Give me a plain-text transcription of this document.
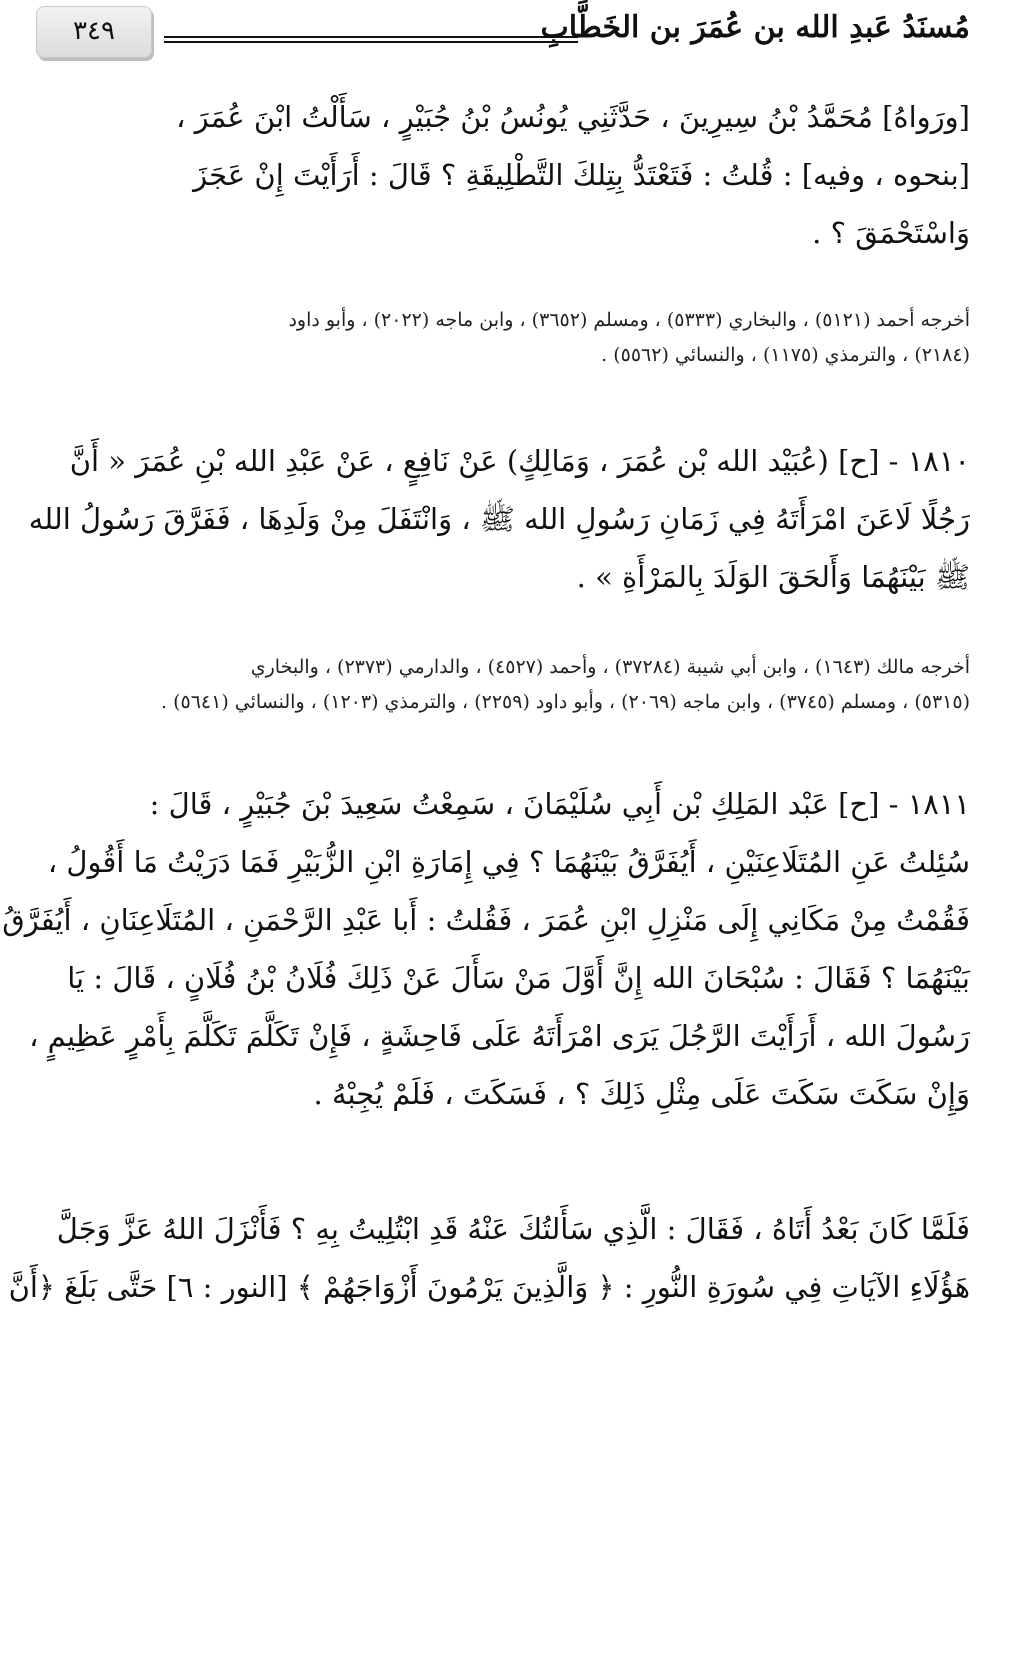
مُسنَدُ عَبدِ الله بن عُمَرَ بن الخَطَّابِ
٣٤٩
[ورَواهُ] مُحَمَّدُ بْنُ سِيرِينَ ، حَدَّثَنِي يُونُسُ بْنُ جُبَيْرٍ ، سَأَلْتُ ابْنَ عُمَرَ ،
[بنحوه ، وفيه] : قُلتُ : فَتَعْتَدُّ بِتِلكَ التَّطْلِيقَةِ ؟ قَالَ : أَرَأَيْتَ إِنْ عَجَزَ
وَاسْتَحْمَقَ ؟ .
أخرجه أحمد (٥١٢١) ، والبخاري (٥٣٣٣) ، ومسلم (٣٦٥٢) ، وابن ماجه (٢٠٢٢) ، وأبو داود
(٢١٨٤) ، والترمذي (١١٧٥) ، والنسائي (٥٥٦٢) .
١٨١٠ - [ح] (عُبَيْد الله بْن عُمَرَ ، وَمَالِكٍ) عَنْ نَافِعٍ ، عَنْ عَبْدِ الله بْنِ عُمَرَ « أَنَّ
رَجُلًا لَاعَنَ امْرَأَتَهُ فِي زَمَانِ رَسُولِ الله ﷺ ، وَانْتَفَلَ مِنْ وَلَدِهَا ، فَفَرَّقَ رَسُولُ الله
ﷺ بَيْنَهُمَا وَأَلحَقَ الوَلَدَ بِالمَرْأَةِ » .
أخرجه مالك (١٦٤٣) ، وابن أبي شيبة (٣٧٢٨٤) ، وأحمد (٤٥٢٧) ، والدارمي (٢٣٧٣) ، والبخاري
(٥٣١٥) ، ومسلم (٣٧٤٥) ، وابن ماجه (٢٠٦٩) ، وأبو داود (٢٢٥٩) ، والترمذي (١٢٠٣) ، والنسائي (٥٦٤١) .
١٨١١ - [ح] عَبْد المَلِكِ بْن أَبِي سُلَيْمَانَ ، سَمِعْتُ سَعِيدَ بْنَ جُبَيْرٍ ، قَالَ :
سُئِلتُ عَنِ المُتَلَاعِنَيْنِ ، أَيُفَرَّقُ بَيْنَهُمَا ؟ فِي إِمَارَةِ ابْنِ الزُّبَيْرِ فَمَا دَرَيْتُ مَا أَقُولُ ،
فَقُمْتُ مِنْ مَكَانِي إِلَى مَنْزِلِ ابْنِ عُمَرَ ، فَقُلتُ : أَبا عَبْدِ الرَّحْمَنِ ، المُتَلَاعِنَانِ ، أَيُفَرَّقُ
بَيْنَهُمَا ؟ فَقَالَ : سُبْحَانَ الله إِنَّ أَوَّلَ مَنْ سَأَلَ عَنْ ذَلِكَ فُلَانُ بْنُ فُلَانٍ ، قَالَ : يَا
رَسُولَ الله ، أَرَأَيْتَ الرَّجُلَ يَرَى امْرَأَتَهُ عَلَى فَاحِشَةٍ ، فَإِنْ تَكَلَّمَ تَكَلَّمَ بِأَمْرٍ عَظِيمٍ ،
وَإِنْ سَكَتَ سَكَتَ عَلَى مِثْلِ ذَلِكَ ؟ ، فَسَكَتَ ، فَلَمْ يُجِبْهُ .
فَلَمَّا كَانَ بَعْدُ أَتَاهُ ، فَقَالَ : الَّذِي سَأَلتُكَ عَنْهُ قَدِ ابْتُلِيتُ بِهِ ؟ فَأَنْزَلَ اللهُ عَزَّ وَجَلَّ
هَؤُلَاءِ الآيَاتِ فِي سُورَةِ النُّورِ : ﴿ وَالَّذِينَ يَرْمُونَ أَزْوَاجَهُمْ ﴾ [النور : ٦] حَتَّى بَلَغَ ﴿أَنَّ
